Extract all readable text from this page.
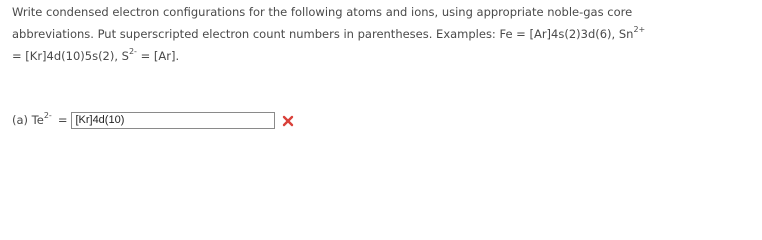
Write condensed electron configurations for the following atoms and ions, using appropriate noble-gas core
abbreviations. Put superscripted electron count numbers in parentheses. Examples: Fe = [Ar]4s(2)3d(6), $Sn^{2+}$
= [Kr]4d(10)5s(2), $S^{2-} = [Ar]$.

(a) $Te^{2-}$ =
[Kr]4d(10)
